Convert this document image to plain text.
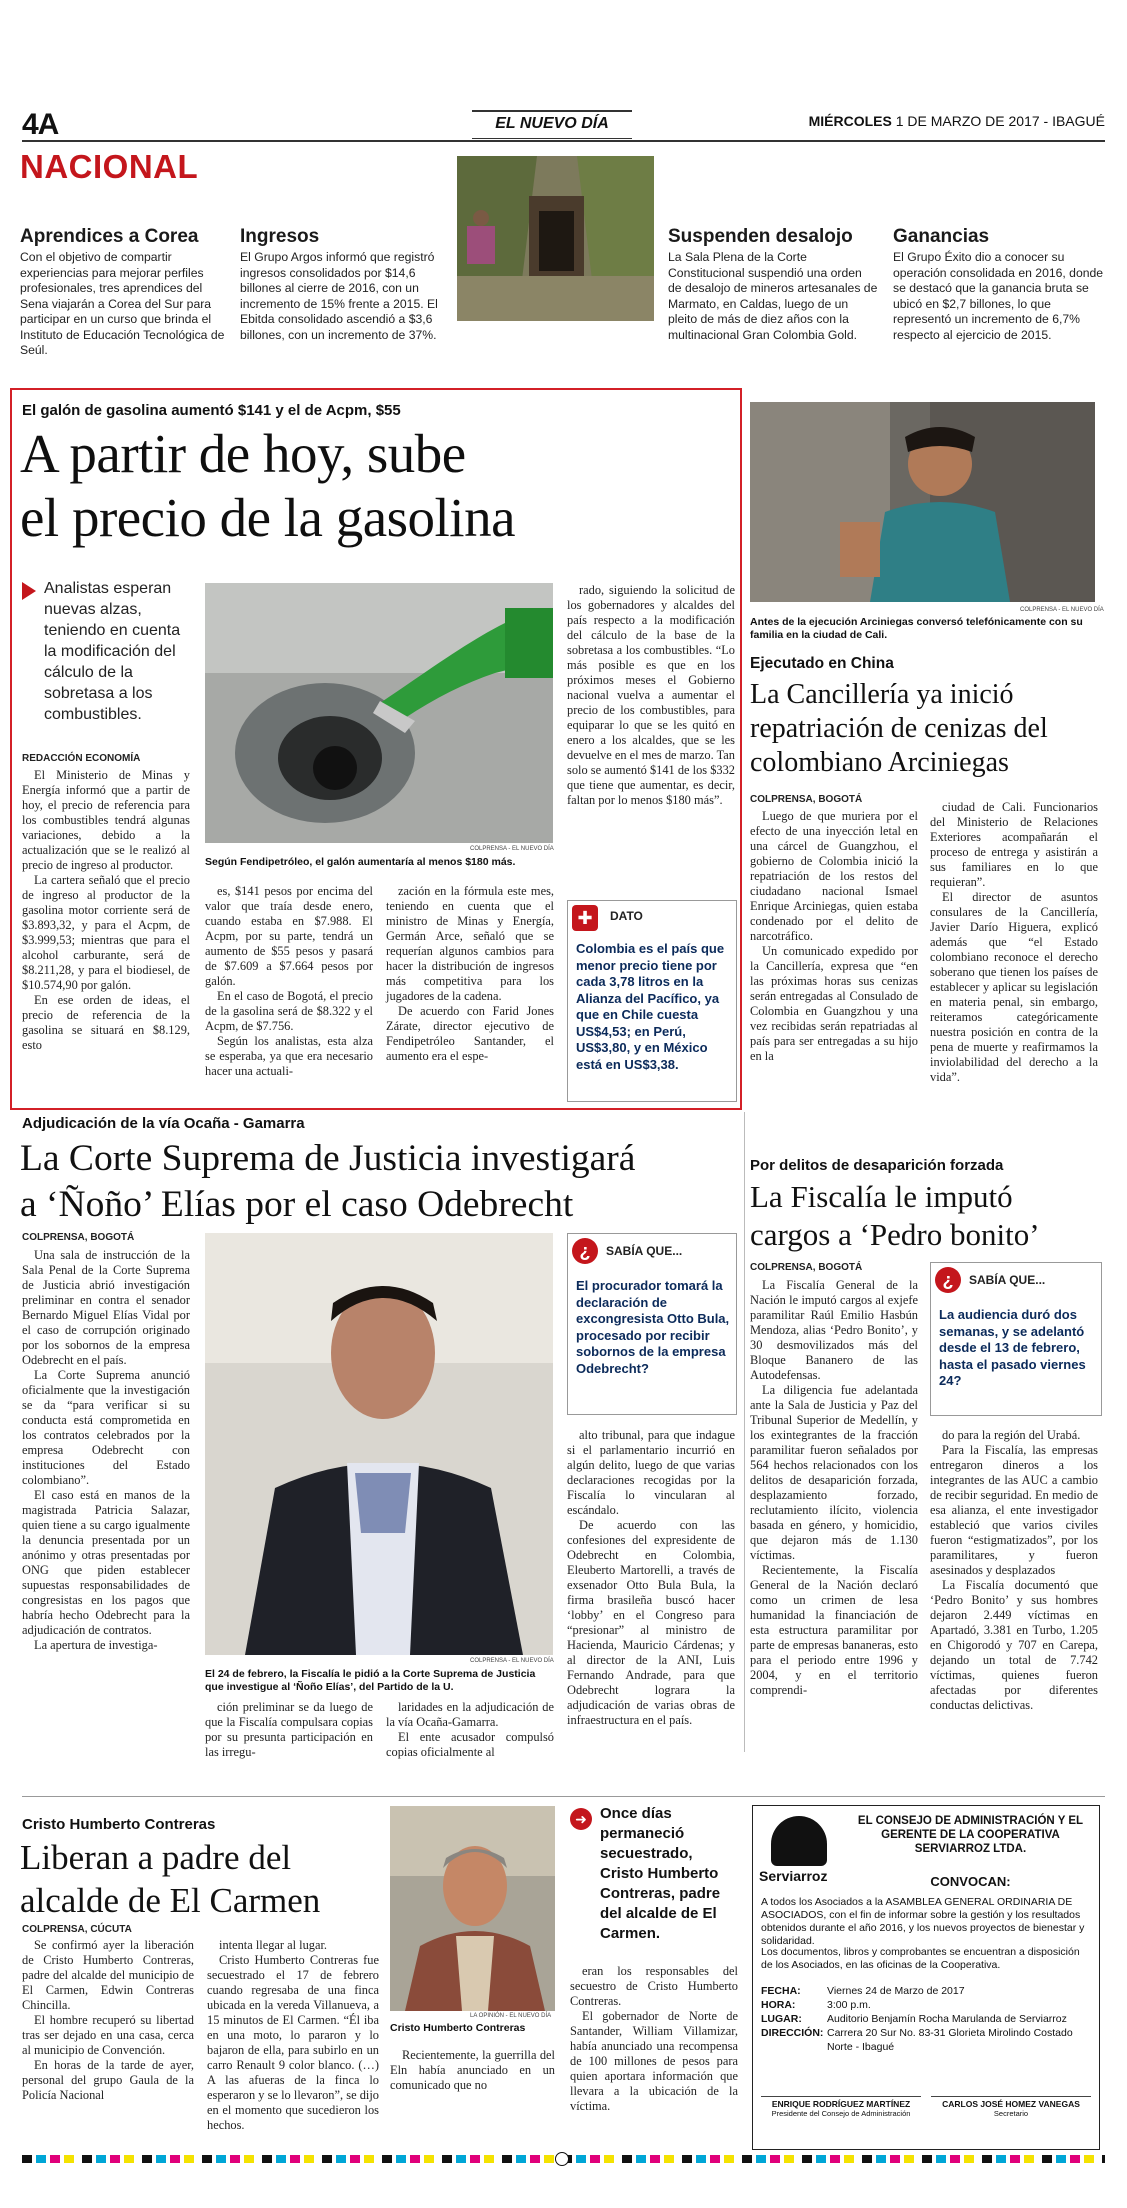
4A	EL NUEVO DÍA	MIÉRCOLES 1 DE MARZO DE 2017 - IBAGUÉ
NACIONAL
Aprendices a Corea
Con el objetivo de compartir experiencias para mejorar perfiles profesionales, tres aprendices del Sena viajarán a Corea del Sur para participar en un curso que brinda el Instituto de Educación Tecnológica de Seúl.
Ingresos
El Grupo Argos informó que registró ingresos consolidados por $14,6 billones al cierre de 2016, con un incremento de 15% frente a 2015. El Ebitda consolidado ascendió a $3,6 billones, con un incremento de 37%.
Suspenden desalojo
La Sala Plena de la Corte Constitucional suspendió una orden de desalojo de mineros artesanales de Marmato, en Caldas, luego de un pleito de más de diez años con la multinacional Gran Colombia Gold.
Ganancias
El Grupo Éxito dio a conocer su operación consolidada en 2016, donde se destacó que la ganancia bruta se ubicó en $2,7 billones, lo que representó un incremento de 6,7% respecto al ejercicio de 2015.
El galón de gasolina aumentó $141 y el de Acpm, $55
A partir de hoy, sube
el precio de la gasolina
Analistas esperan nuevas alzas, teniendo en cuenta la modificación del cálculo de la sobretasa a los combustibles.
REDACCIÓN ECONOMÍA

El Ministerio de Minas y Energía informó que a partir de hoy, el precio de referencia para los combustibles tendrá algunas variaciones, debido a la actualización que se le realizó al precio de ingreso al productor.

La cartera señaló que el precio de ingreso al productor de la gasolina motor corriente será de $3.893,32, y para el Acpm, de $3.999,53; mientras que para el alcohol carburante, será de $8.211,28, y para el biodiesel, de $10.574,90 por galón.

En ese orden de ideas, el precio de referencia de la gasolina se situará en $8.129, esto

COLPRENSA - EL NUEVO DÍA
Según Fendipetróleo, el galón aumentaría al menos $180 más.

es, $141 pesos por encima del valor que traía desde enero, cuando estaba en $7.988. El Acpm, por su parte, tendrá un aumento de $55 pesos y pasará de $7.609 a $7.664 pesos por galón.

En el caso de Bogotá, el precio de la gasolina será de $8.322 y el Acpm, de $7.756.

Según los analistas, esta alza se esperaba, ya que era necesario hacer una actuali-

zación en la fórmula este mes, teniendo en cuenta que el ministro de Minas y Energía, Germán Arce, señaló que se requerían algunos cambios para hacer la distribución de ingresos más competitiva para los jugadores de la cadena.

De acuerdo con Farid Jones Zárate, director ejecutivo de Fendipetróleo Santander, el aumento era el espe-

rado, siguiendo la solicitud de los gobernadores y alcaldes del país respecto a la modificación del cálculo de la base de la sobretasa a los combustibles. “Lo más posible es que en los próximos meses el Gobierno nacional vuelva a aumentar el precio de los combustibles, para equiparar lo que se les quitó en enero a los alcaldes, que se les devuelve en el mes de marzo. Tan solo se aumentó $141 de los $332 que tiene que aumentar, es decir, faltan por lo menos $180 más”.

✚	DATO
Colombia es el país que menor precio tiene por cada 3,78 litros en la Alianza del Pacífico, ya que en Chile cuesta US$4,53; en Perú, US$3,80, y en México está en US$3,38.
COLPRENSA - EL NUEVO DÍA
Antes de la ejecución Arciniegas conversó telefónicamente con su familia en la ciudad de Cali.
Ejecutado en China
La Cancillería ya inició repatriación de cenizas del colombiano Arciniegas
COLPRENSA, BOGOTÁ

Luego de que muriera por el efecto de una inyección letal en una cárcel de Guangzhou, el gobierno de Colombia inició la repatriación de los restos del ciudadano nacional Ismael Enrique Arciniegas, quien estaba condenado por el delito de narcotráfico.

Un comunicado expedido por la Cancillería, expresa que “en las próximas horas sus cenizas serán entregadas al Consulado de Colombia en Guangzhou y una vez recibidas serán repatriadas al país para ser entregadas a su hijo en la

ciudad de Cali. Funcionarios del Ministerio de Relaciones Exteriores acompañarán el proceso de entrega y asistirán a sus familiares en lo que requieran”.

El director de asuntos consulares de la Cancillería, Javier Darío Higuera, explicó además que “el Estado colombiano reconoce el derecho soberano que tienen los países de establecer y aplicar su legislación en materia penal, sin embargo, reiteramos categóricamente nuestra posición en contra de la pena de muerte y reafirmamos la inviolabilidad del derecho a la vida”.

Adjudicación de la vía Ocaña - Gamarra
La Corte Suprema de Justicia investigará
a ‘Ñoño’ Elías por el caso Odebrecht
COLPRENSA, BOGOTÁ

Una sala de instrucción de la Sala Penal de la Corte Suprema de Justicia abrió investigación preliminar en contra el senador Bernardo Miguel Elías Vidal por el caso de corrupción originado por los sobornos de la empresa Odebrecht en el país.

La Corte Suprema anunció oficialmente que la investigación se da “para verificar si su conducta está comprometida en los contratos celebrados por la empresa Odebrecht con instituciones del Estado colombiano”.

El caso está en manos de la magistrada Patricia Salazar, quien tiene a su cargo igualmente la denuncia presentada por un anónimo y otras presentadas por ONG que piden establecer supuestas responsabilidades de congresistas en los pagos que habría hecho Odebrecht para la adjudicación de contratos.

La apertura de investiga-

COLPRENSA - EL NUEVO DÍA
El 24 de febrero, la Fiscalía le pidió a la Corte Suprema de Justicia que investigue al ‘Ñoño Elías’, del Partido de la U.

ción preliminar se da luego de que la Fiscalía compulsara copias por su presunta participación en las irregu-

laridades en la adjudicación de la vía Ocaña-Gamarra.

El ente acusador compulsó copias oficialmente al

¿	SABÍA QUE...
El procurador tomará la declaración de excongresista Otto Bula, procesado por recibir sobornos de la empresa Odebrecht?

alto tribunal, para que indague si el parlamentario incurrió en algún delito, luego de que varias declaraciones recogidas por la Fiscalía lo vincularan al escándalo.

De acuerdo con las confesiones del expresidente de Odebrecht en Colombia, Eleuberto Martorelli, a través de exsenador Otto Bula Bula, la firma brasileña buscó hacer ‘lobby’ en el Congreso para “presionar” al ministro de Hacienda, Mauricio Cárdenas; y al director de la ANI, Luis Fernando Andrade, para que Odebrecht lograra la adjudicación de varias obras de infraestructura en el país.

Por delitos de desaparición forzada
La Fiscalía le imputó cargos a ‘Pedro bonito’
COLPRENSA, BOGOTÁ

La Fiscalía General de la Nación le imputó cargos al exjefe paramilitar Raúl Emilio Hasbún Mendoza, alias ‘Pedro Bonito’, y 30 desmovilizados más del Bloque Bananero de las Autodefensas.

La diligencia fue adelantada ante la Sala de Justicia y Paz del Tribunal Superior de Medellín, y los exintegrantes de la fracción paramilitar fueron señalados por 564 hechos relacionados con los delitos de desaparición forzada, desplazamiento forzado, reclutamiento ilícito, violencia basada en género, y homicidio, que dejaron más de 1.130 víctimas.

Recientemente, la Fiscalía General de la Nación declaró como un crimen de lesa humanidad la financiación de esta estructura paramilitar por parte de empresas bananeras, esto para el periodo entre 1996 y 2004, y en el territorio comprendi-

¿	SABÍA QUE...
La audiencia duró dos semanas, y se adelantó desde el 13 de febrero, hasta el pasado viernes 24?

do para la región del Urabá.

Para la Fiscalía, las empresas entregaron dineros a los integrantes de las AUC a cambio de recibir seguridad. En medio de esa alianza, el ente investigador estableció que varios civiles fueron “estigmatizados”, por los paramilitares, y fueron asesinados y desplazados

La Fiscalía documentó que ‘Pedro Bonito’ y sus hombres dejaron 2.449 víctimas en Apartadó, 3.381 en Turbo, 1.205 en Chigorodó y 707 en Carepa, dejando un total de 7.742 víctimas, quienes fueron afectadas por diferentes conductas delictivas.

Cristo Humberto Contreras
Liberan a padre del
alcalde de El Carmen
COLPRENSA, CÚCUTA

Se confirmó ayer la liberación de Cristo Humberto Contreras, padre del alcalde del municipio de El Carmen, Edwin Contreras Chincilla.

El hombre recuperó su libertad tras ser dejado en una casa, cerca al municipio de Convención.

En horas de la tarde de ayer, personal del grupo Gaula de la Policía Nacional

intenta llegar al lugar.

Cristo Humberto Contreras fue secuestrado el 17 de febrero cuando regresaba de una finca ubicada en la vereda Villanueva, a 15 minutos de El Carmen. “Él iba en una moto, lo pararon y lo bajaron de ella, para subirlo en un carro Renault 9 color blanco. (…) A las afueras de la finca lo esperaron y se lo llevaron”, se dijo en el momento que sucedieron los hechos.

LA OPINIÓN - EL NUEVO DÍA
Cristo Humberto Contreras

Recientemente, la guerrilla del Eln había anunciado en un comunicado que no

➜ Once días permaneció secuestrado, Cristo Humberto Contreras, padre del alcalde de El Carmen.

eran los responsables del secuestro de Cristo Humberto Contreras.

El gobernador de Norte de Santander, William Villamizar, había anunciado una recompensa de 100 millones de pesos para quien aportara información que llevara a la ubicación de la víctima.

Serviarroz
EL CONSEJO DE ADMINISTRACIÓN Y EL GERENTE DE LA COOPERATIVA SERVIARROZ LTDA.
CONVOCAN:
A todos los Asociados a la ASAMBLEA GENERAL ORDINARIA DE ASOCIADOS, con el fin de informar sobre la gestión y los resultados obtenidos durante el año 2016, y los nuevos proyectos de bienestar y solidaridad.
Los documentos, libros y comprobantes se encuentran a disposición de los Asociados, en las oficinas de la Cooperativa.
FECHA:	Viernes 24 de Marzo de 2017
HORA:	3:00 p.m.
LUGAR:	Auditorio Benjamín Rocha Marulanda de Serviarroz
DIRECCIÓN: Carrera 20 Sur No. 83-31 Glorieta Mirolindo Costado Norte - Ibagué
ENRIQUE RODRÍGUEZ MARTÍNEZ
Presidente del Consejo de Administración
CARLOS JOSÉ HOMEZ VANEGAS
Secretario
